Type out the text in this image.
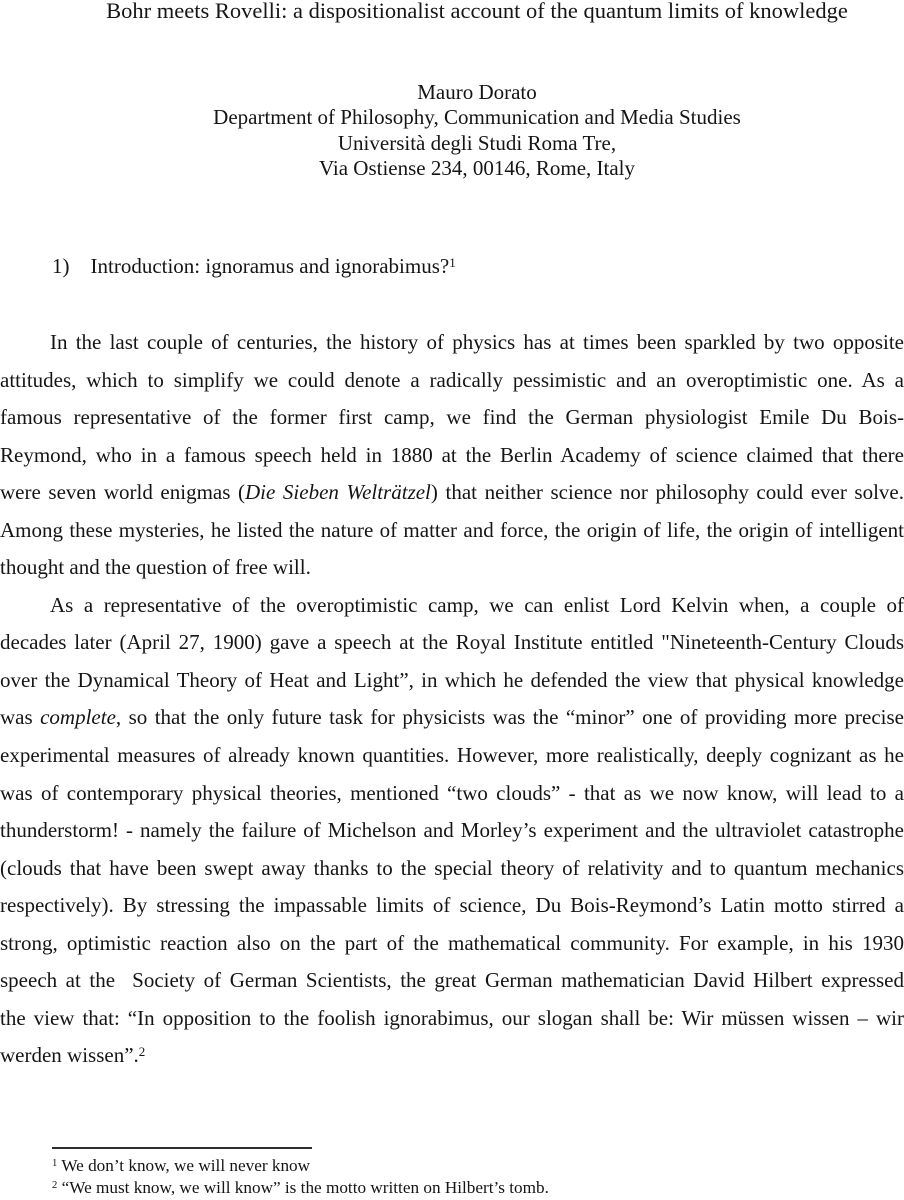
Bohr meets Rovelli: a dispositionalist account of the quantum limits of knowledge
Mauro Dorato
Department of Philosophy, Communication and Media Studies
Università degli Studi Roma Tre,
Via Ostiense 234, 00146, Rome, Italy
1) Introduction: ignoramus and ignorabimus?$^1$
In the last couple of centuries, the history of physics has at times been sparkled by two opposite
attitudes, which to simplify we could denote a radically pessimistic and an overoptimistic one. As a
famous representative of the former first camp, we find the German physiologist Emile Du Bois-
Reymond, who in a famous speech held in 1880 at the Berlin Academy of science claimed that there
were seven world enigmas (Die Sieben Welträtzel) that neither science nor philosophy could ever solve.
Among these mysteries, he listed the nature of matter and force, the origin of life, the origin of intelligent
thought and the question of free will.
As a representative of the overoptimistic camp, we can enlist Lord Kelvin when, a couple of
decades later (April 27, 1900) gave a speech at the Royal Institute entitled "Nineteenth-Century Clouds
over the Dynamical Theory of Heat and Light”, in which he defended the view that physical knowledge
was complete, so that the only future task for physicists was the “minor” one of providing more precise
experimental measures of already known quantities. However, more realistically, deeply cognizant as he
was of contemporary physical theories, mentioned “two clouds” - that as we now know, will lead to a
thunderstorm! - namely the failure of Michelson and Morley’s experiment and the ultraviolet catastrophe
(clouds that have been swept away thanks to the special theory of relativity and to quantum mechanics
respectively). By stressing the impassable limits of science, Du Bois-Reymond’s Latin motto stirred a
strong, optimistic reaction also on the part of the mathematical community. For example, in his 1930
speech at the  Society of German Scientists, the great German mathematician David Hilbert expressed
the view that: “In opposition to the foolish ignorabimus, our slogan shall be: Wir müssen wissen – wir
werden wissen”.$^2$
$^1$ We don’t know, we will never know
$^2$ “We must know, we will know” is the motto written on Hilbert’s tomb.
